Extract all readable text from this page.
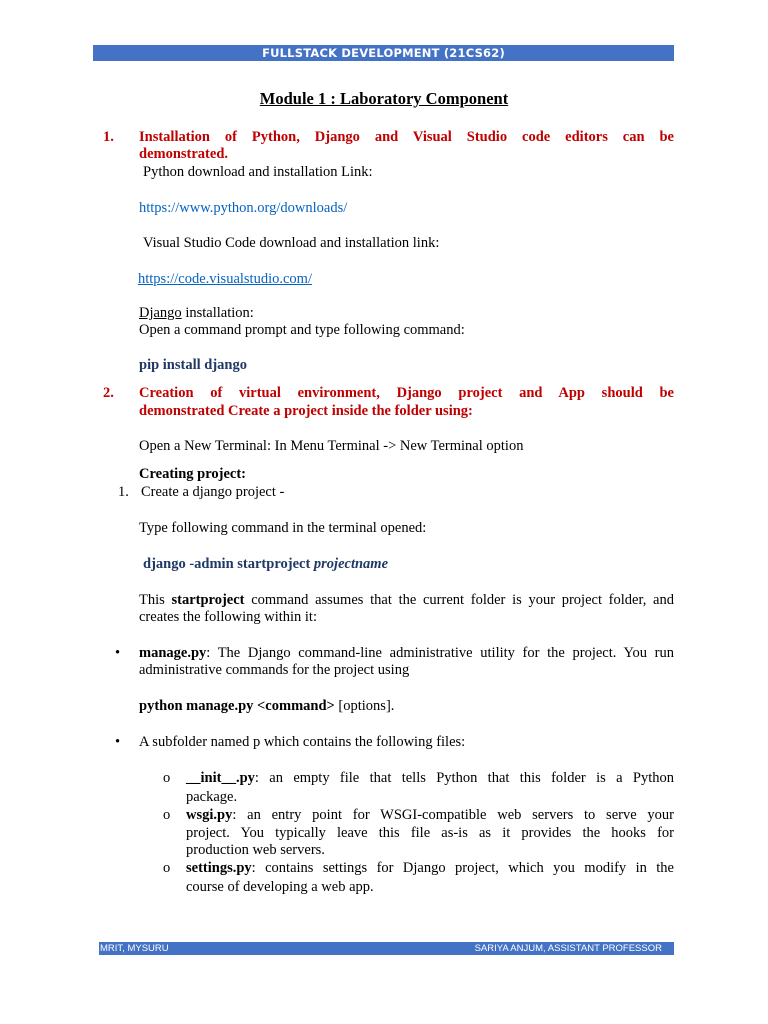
FULLSTACK DEVELOPMENT (21CS62)
Module 1 : Laboratory Component
1. Installation of Python, Django and Visual Studio code editors can be
demonstrated.
Python download and installation Link:
https://www.python.org/downloads/
Visual Studio Code download and installation link:
https://code.visualstudio.com/
Django installation:
Open a command prompt and type following command:
pip install django
2. Creation of virtual environment, Django project and App should be
demonstrated Create a project inside the folder using:
Open a New Terminal: In Menu Terminal -> New Terminal option
Creating project:
1. Create a django project -
Type following command in the terminal opened:
django -admin startproject projectname
This startproject command assumes that the current folder is your project folder, and
creates the following within it:
• manage.py: The Django command-line administrative utility for the project. You run
administrative commands for the project using
python manage.py <command> [options].
• A subfolder named p which contains the following files:
o __init__.py: an empty file that tells Python that this folder is a Python
package.
o wsgi.py: an entry point for WSGI-compatible web servers to serve your
project. You typically leave this file as-is as it provides the hooks for
production web servers.
o settings.py: contains settings for Django project, which you modify in the
course of developing a web app.
MRIT, MYSURU	SARIYA ANJUM, ASSISTANT PROFESSOR
